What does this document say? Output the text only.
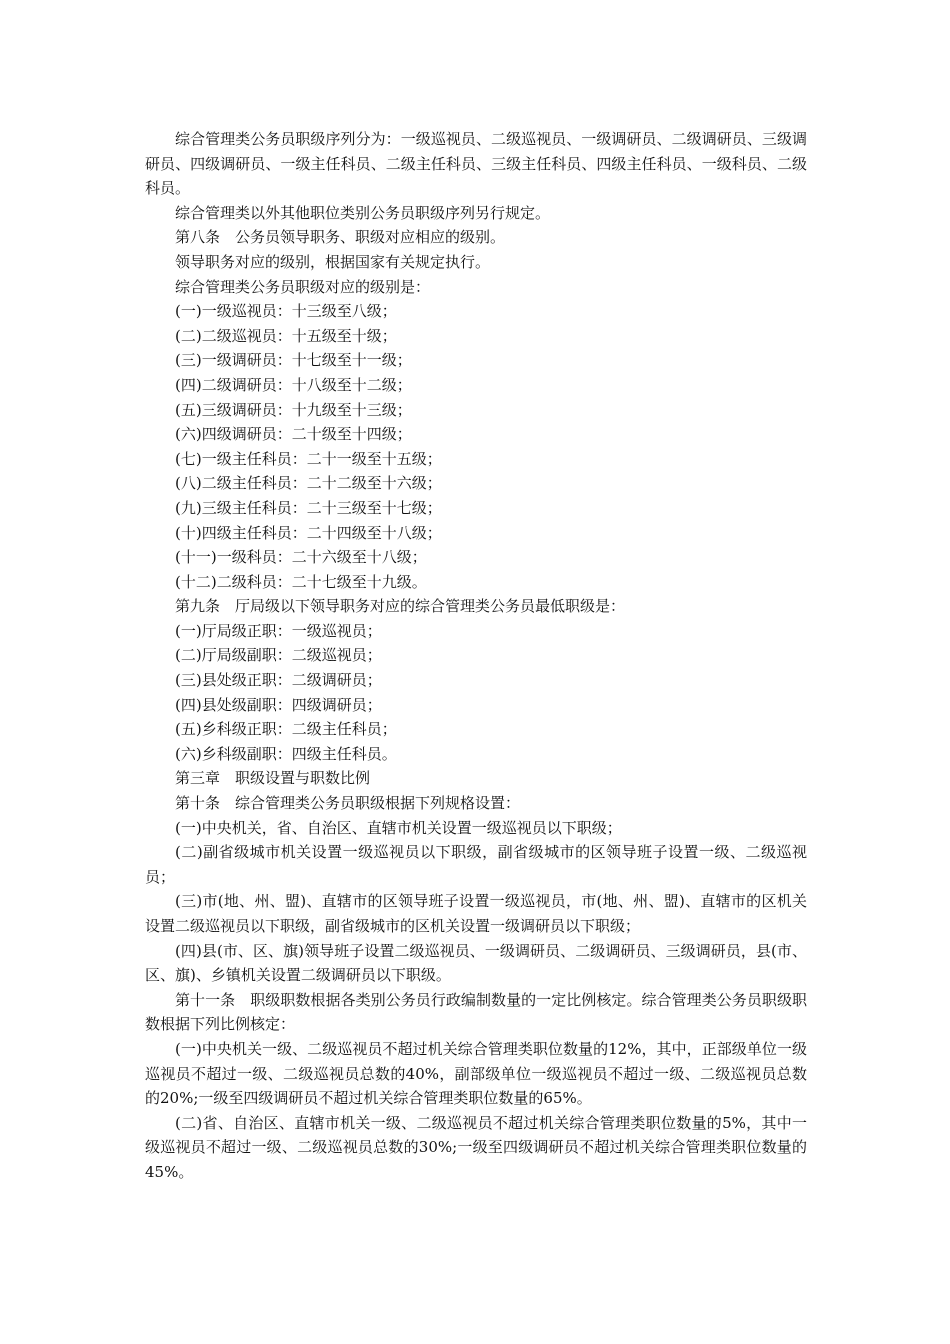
综合管理类公务员职级序列分为：一级巡视员、二级巡视员、一级调研员、二级调研员、三级调研员、四级调研员、一级主任科员、二级主任科员、三级主任科员、四级主任科员、一级科员、二级科员。

综合管理类以外其他职位类别公务员职级序列另行规定。

第八条　公务员领导职务、职级对应相应的级别。

领导职务对应的级别，根据国家有关规定执行。

综合管理类公务员职级对应的级别是：

(一)一级巡视员：十三级至八级；

(二)二级巡视员：十五级至十级；

(三)一级调研员：十七级至十一级；

(四)二级调研员：十八级至十二级；

(五)三级调研员：十九级至十三级；

(六)四级调研员：二十级至十四级；

(七)一级主任科员：二十一级至十五级；

(八)二级主任科员：二十二级至十六级；

(九)三级主任科员：二十三级至十七级；

(十)四级主任科员：二十四级至十八级；

(十一)一级科员：二十六级至十八级；

(十二)二级科员：二十七级至十九级。

第九条　厅局级以下领导职务对应的综合管理类公务员最低职级是：

(一)厅局级正职：一级巡视员；

(二)厅局级副职：二级巡视员；

(三)县处级正职：二级调研员；

(四)县处级副职：四级调研员；

(五)乡科级正职：二级主任科员；

(六)乡科级副职：四级主任科员。

第三章　职级设置与职数比例

第十条　综合管理类公务员职级根据下列规格设置：

(一)中央机关，省、自治区、直辖市机关设置一级巡视员以下职级；

(二)副省级城市机关设置一级巡视员以下职级，副省级城市的区领导班子设置一级、二级巡视员；

(三)市(地、州、盟)、直辖市的区领导班子设置一级巡视员，市(地、州、盟)、直辖市的区机关设置二级巡视员以下职级，副省级城市的区机关设置一级调研员以下职级；

(四)县(市、区、旗)领导班子设置二级巡视员、一级调研员、二级调研员、三级调研员，县(市、区、旗)、乡镇机关设置二级调研员以下职级。

第十一条　职级职数根据各类别公务员行政编制数量的一定比例核定。综合管理类公务员职级职数根据下列比例核定：

(一)中央机关一级、二级巡视员不超过机关综合管理类职位数量的12%，其中，正部级单位一级巡视员不超过一级、二级巡视员总数的40%，副部级单位一级巡视员不超过一级、二级巡视员总数的20%;一级至四级调研员不超过机关综合管理类职位数量的65%。

(二)省、自治区、直辖市机关一级、二级巡视员不超过机关综合管理类职位数量的5%，其中一级巡视员不超过一级、二级巡视员总数的30%;一级至四级调研员不超过机关综合管理类职位数量的45%。
